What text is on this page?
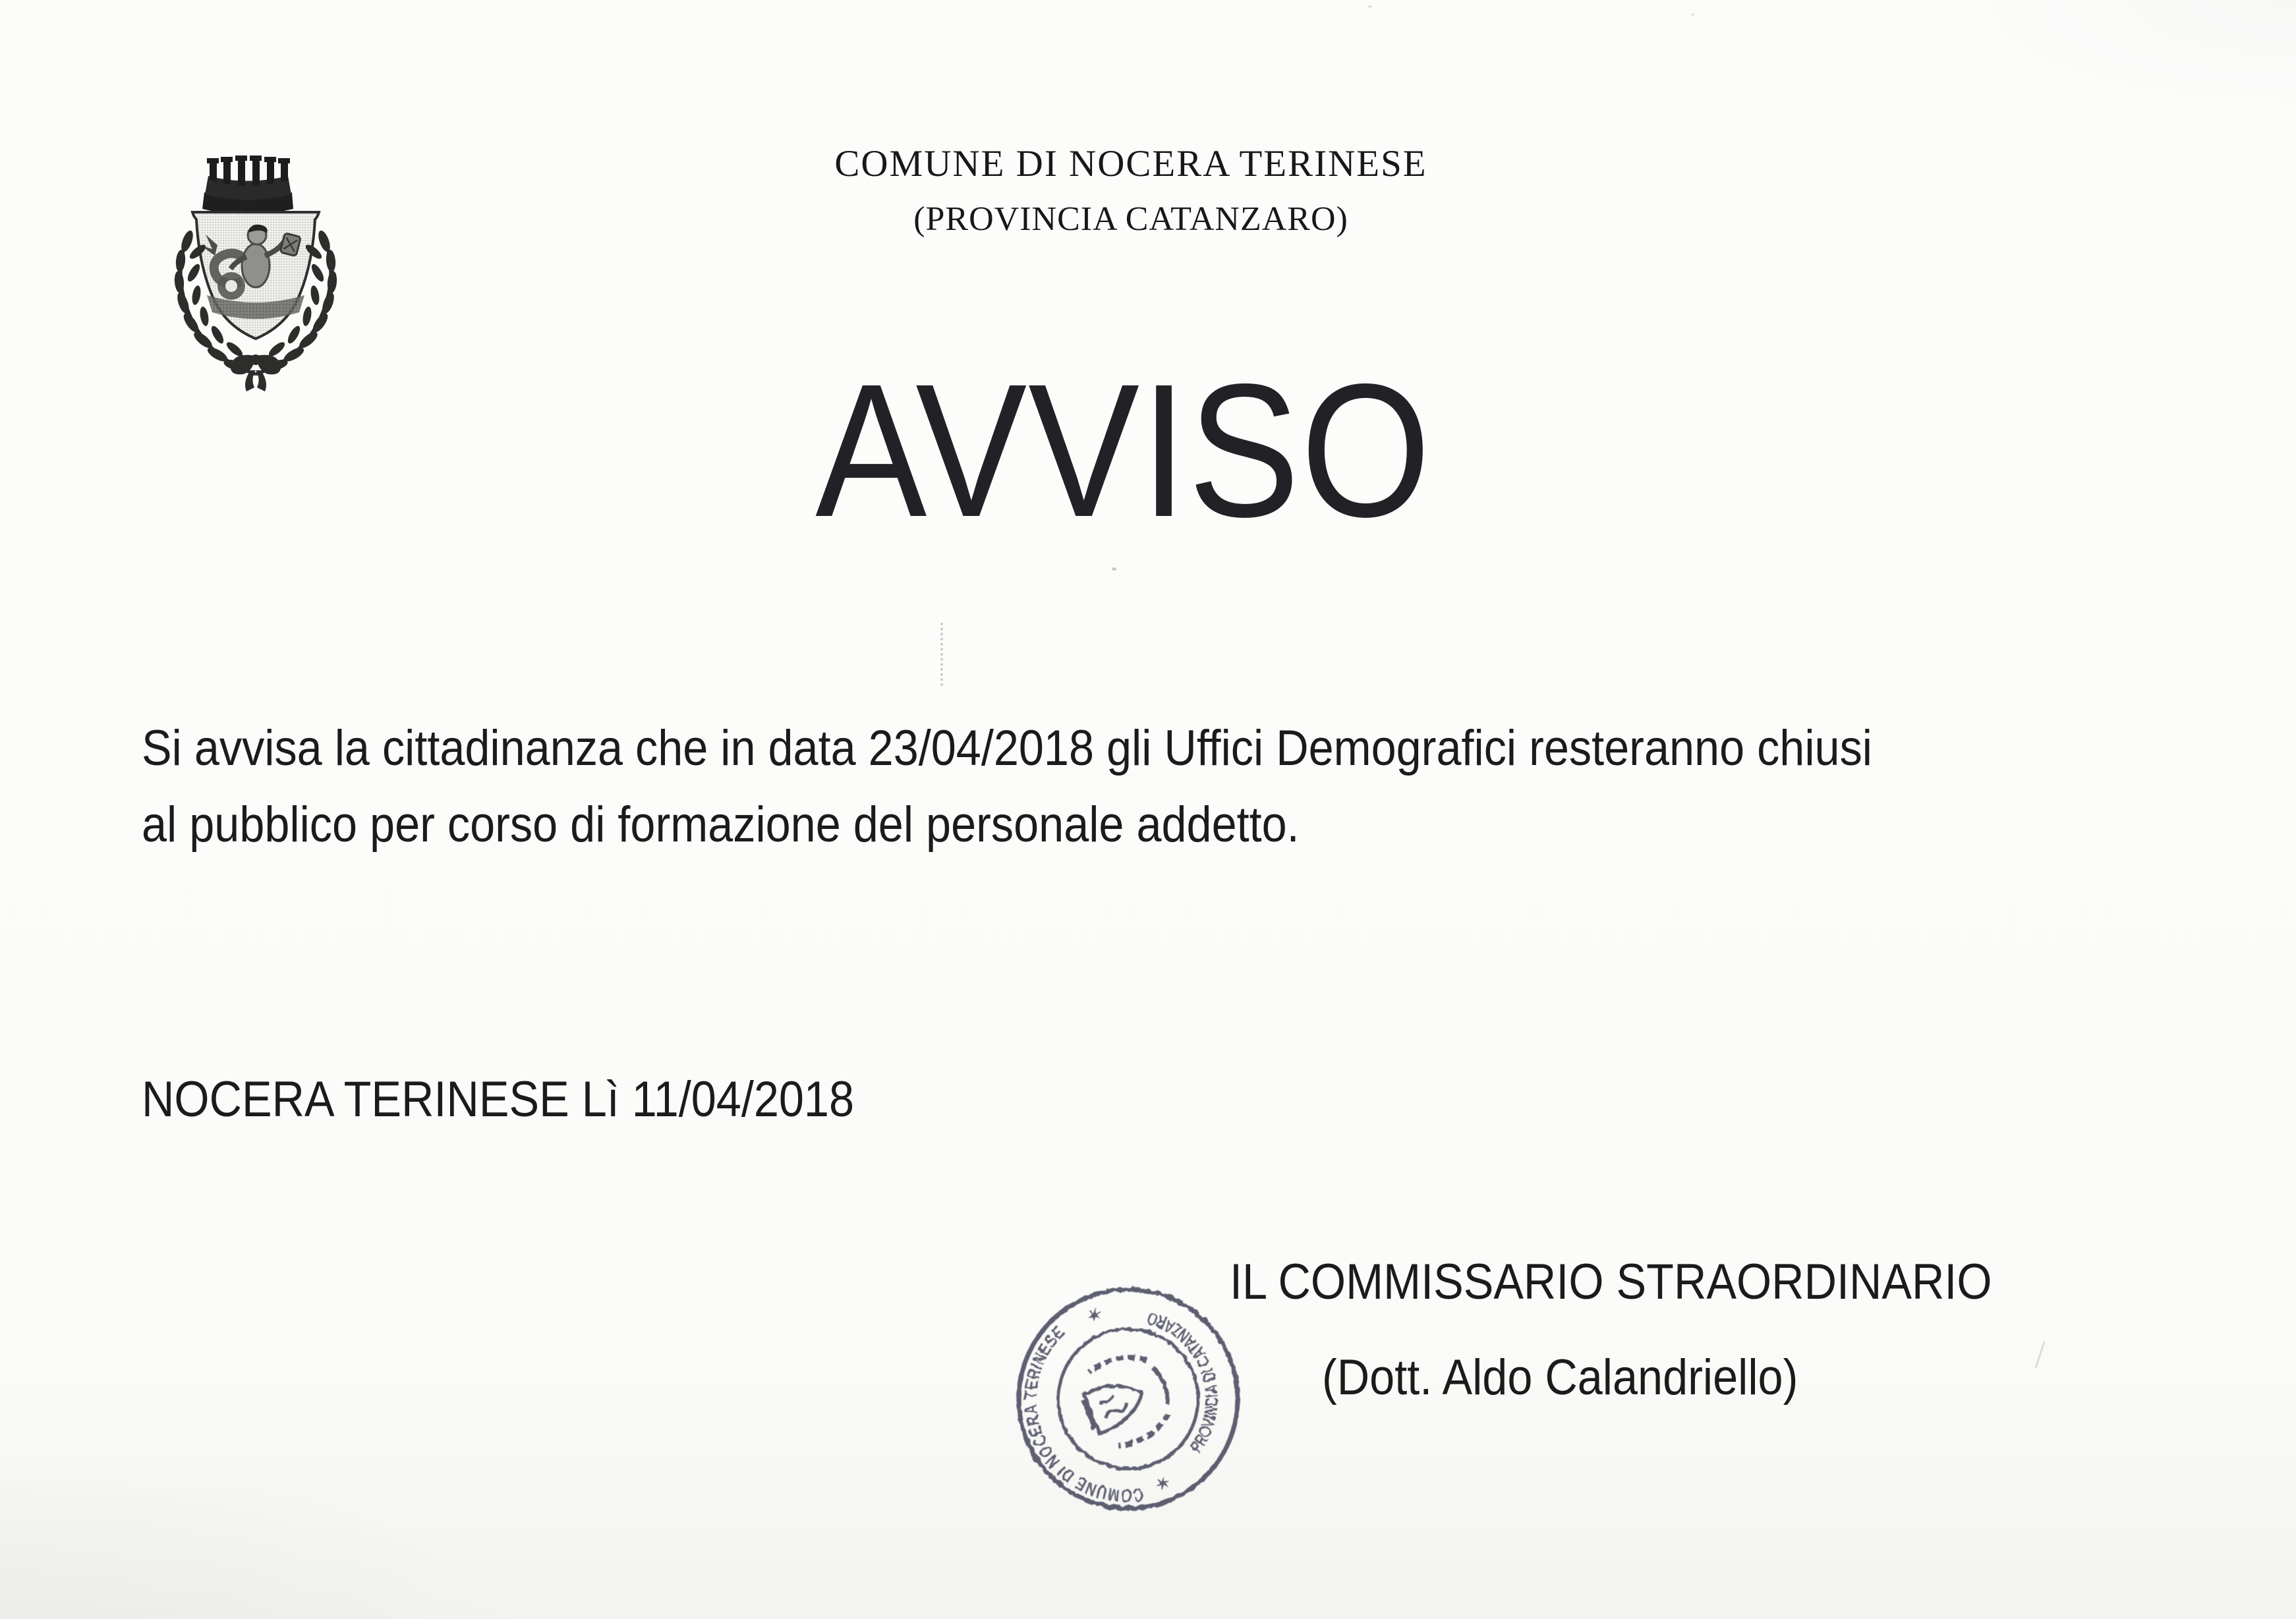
COMUNE DI NOCERA TERINESE
(PROVINCIA CATANZARO)
AVVISO
Si avvisa la cittadinanza che in data 23/04/2018 gli Uffici Demografici resteranno chiusi
al pubblico per corso di formazione del personale addetto.
NOCERA TERINESE Lì 11/04/2018
IL COMMISSARIO STRAORDINARIO
(Dott. Aldo Calandriello)
COMUNE DI NOCERA TERINESE
PROVINCIA DI CATANZARO
✶
✶
